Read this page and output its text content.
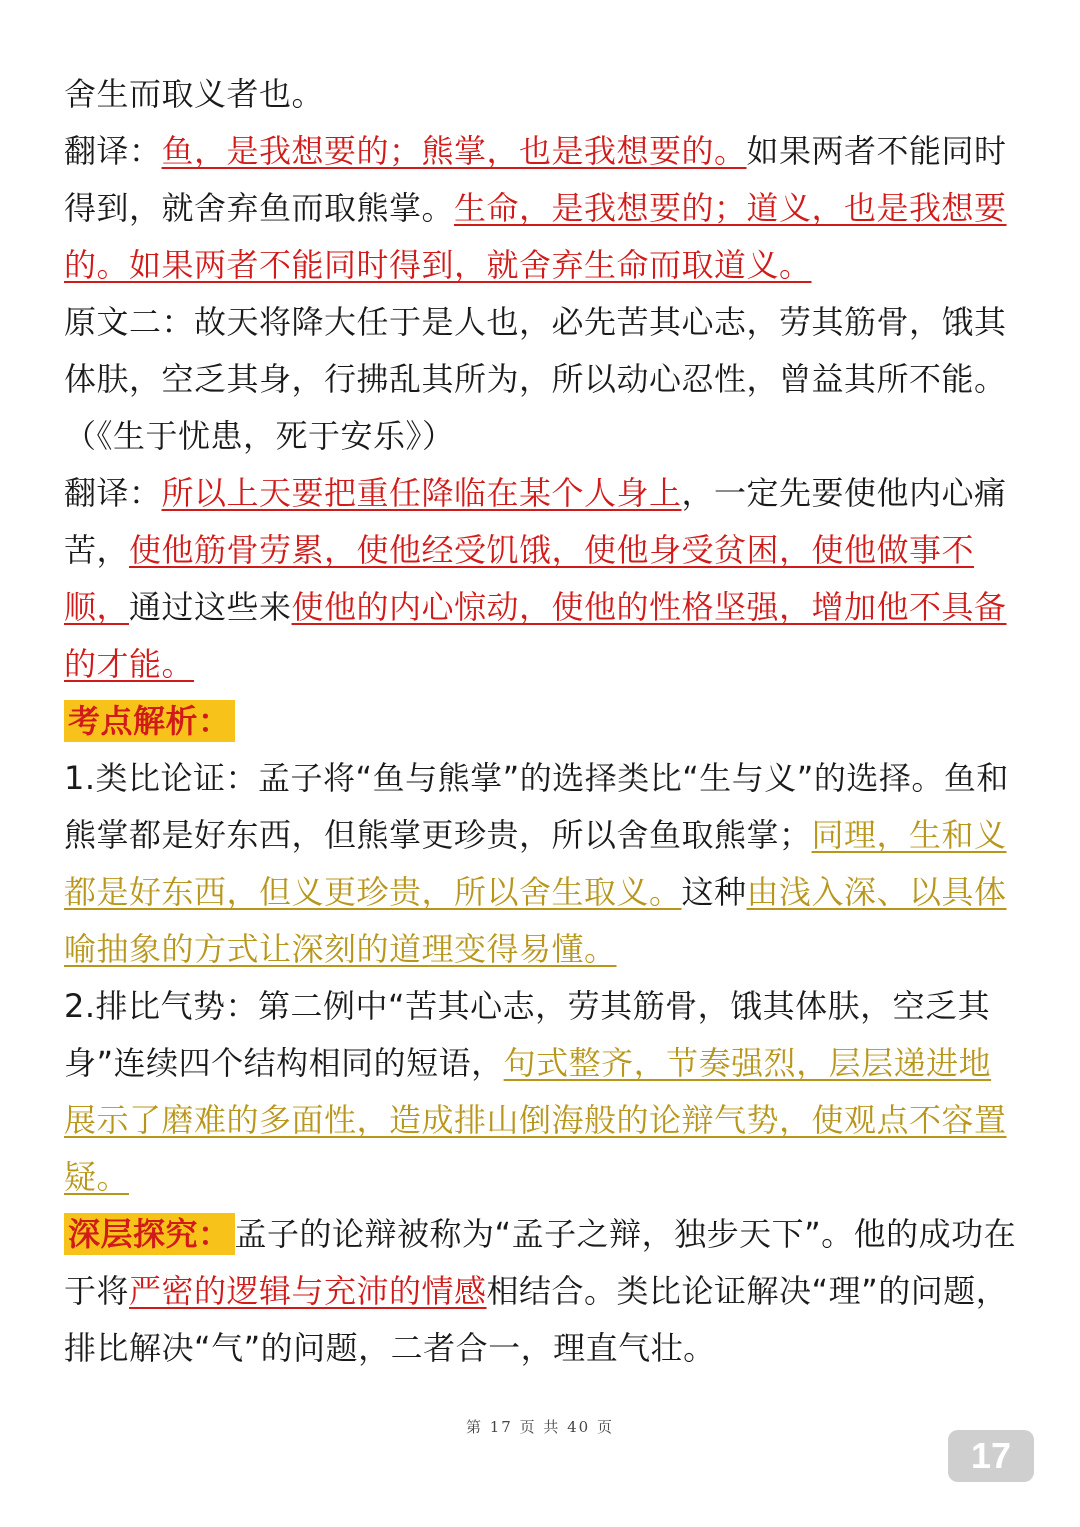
舍生而取义者也。

翻译：鱼，是我想要的；熊掌，也是我想要的。如果两者不能同时得到，就舍弃鱼而取熊掌。生命，是我想要的；道义，也是我想要的。如果两者不能同时得到，就舍弃生命而取道义。

原文二：故天将降大任于是人也，必先苦其心志，劳其筋骨，饿其体肤，空乏其身，行拂乱其所为，所以动心忍性，曾益其所不能。（《生于忧患，死于安乐》）

翻译：所以上天要把重任降临在某个人身上，一定先要使他内心痛苦，使他筋骨劳累，使他经受饥饿，使他身受贫困，使他做事不顺，通过这些来使他的内心惊动，使他的性格坚强，增加他不具备的才能。

考点解析：

1.类比论证：孟子将“鱼与熊掌”的选择类比“生与义”的选择。鱼和熊掌都是好东西，但熊掌更珍贵，所以舍鱼取熊掌；同理，生和义都是好东西，但义更珍贵，所以舍生取义。这种由浅入深、以具体喻抽象的方式让深刻的道理变得易懂。

2.排比气势：第二例中“苦其心志，劳其筋骨，饿其体肤，空乏其身”连续四个结构相同的短语，句式整齐，节奏强烈，层层递进地展示了磨难的多面性，造成排山倒海般的论辩气势，使观点不容置疑。

深层探究： 孟子的论辩被称为“孟子之辩，独步天下”。他的成功在于将严密的逻辑与充沛的情感相结合。类比论证解决“理”的问题，排比解决“气”的问题，二者合一，理直气壮。

第 17 页 共 40 页
17
